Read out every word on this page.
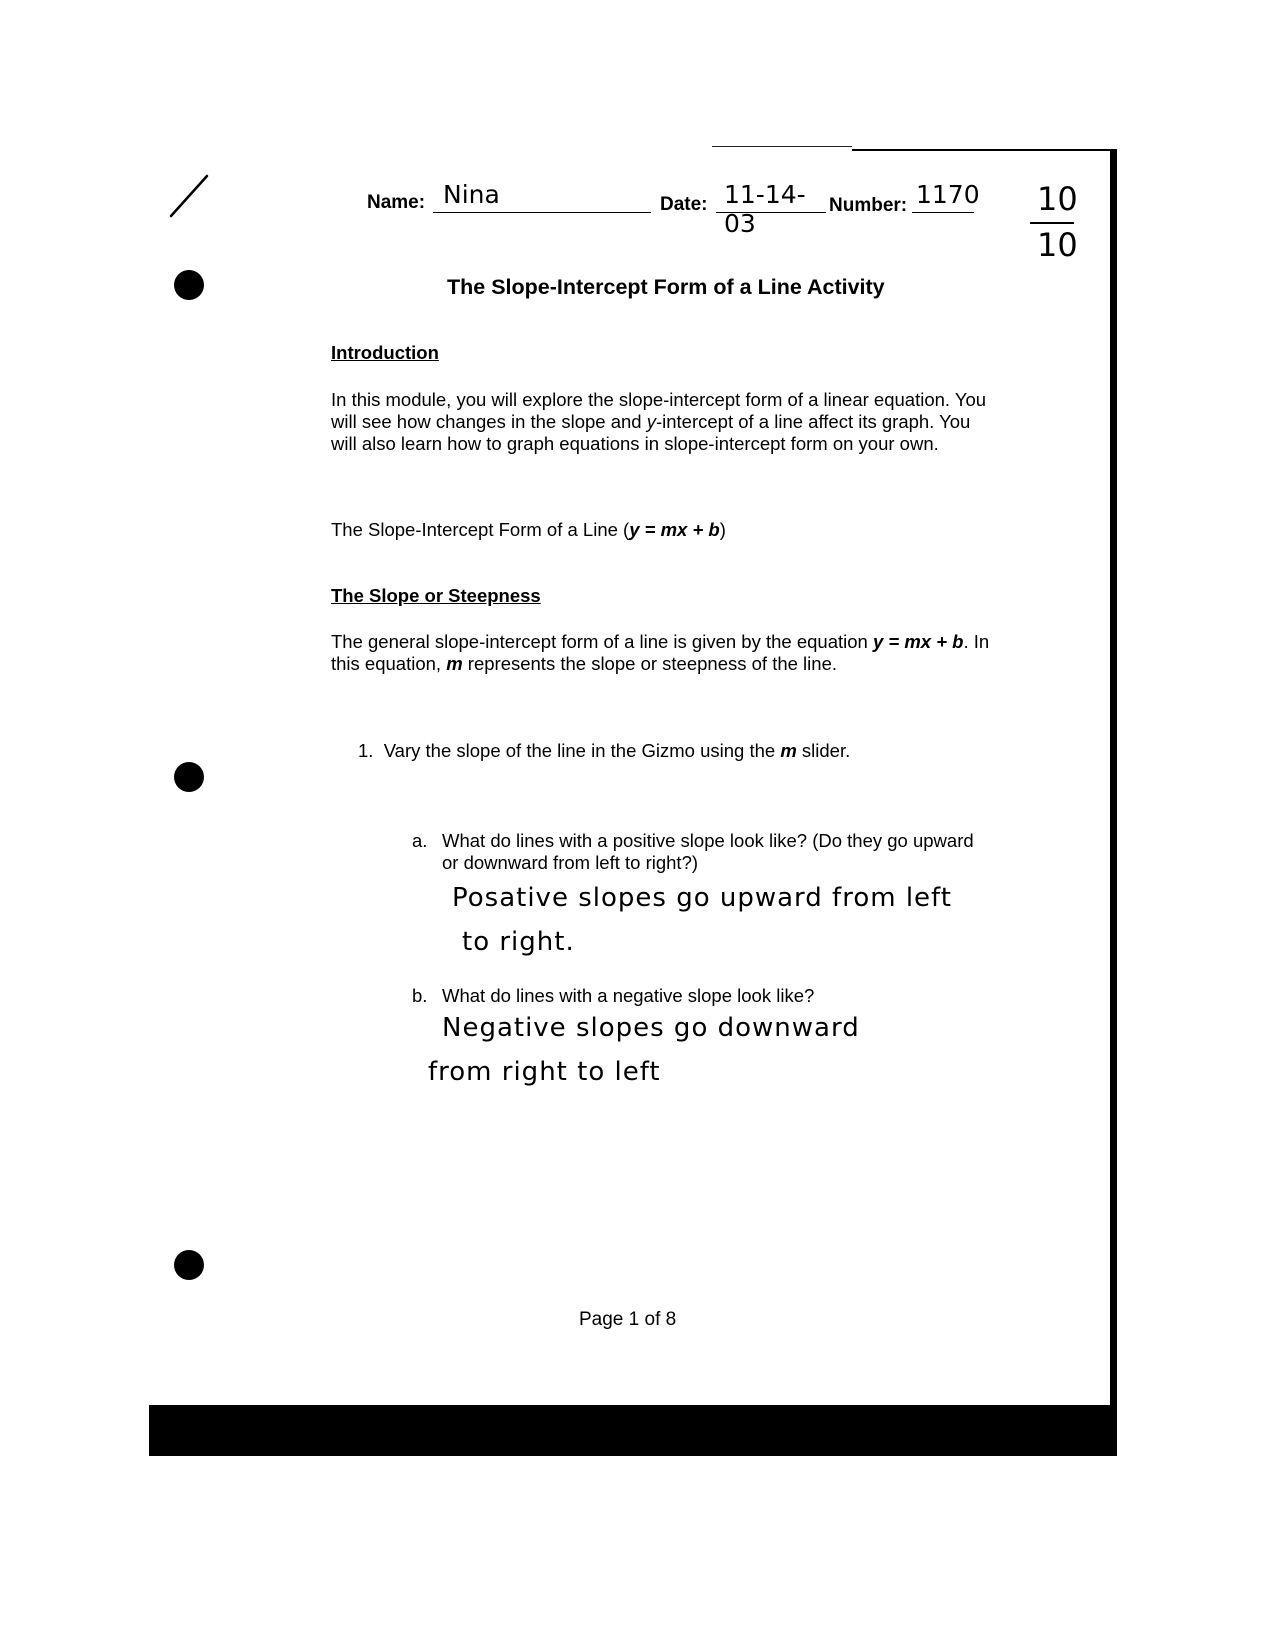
Name: Nina	Date: 11-14-03
Number: 1170 10
10
The Slope-Intercept Form of a Line Activity
Introduction

In this module, you will explore the slope-intercept form of a linear equation. You

will see how changes in the slope and y-intercept of a line affect its graph. You

will also learn how to graph equations in slope-intercept form on your own.

The Slope-Intercept Form of a Line (y = mx + b)
The Slope or Steepness

The general slope-intercept form of a line is given by the equation y = mx + b. In

this equation, m represents the slope or steepness of the line.

1. Vary the slope of the line in the Gizmo using the m slider.
a. What do lines with a positive slope look like? (Do they go upward

or downward from left to right?)

Posative slopes go upward from left
to right.
b. What do lines with a negative slope look like?
Negative slopes go downward
from right to left
Page 1 of 8
